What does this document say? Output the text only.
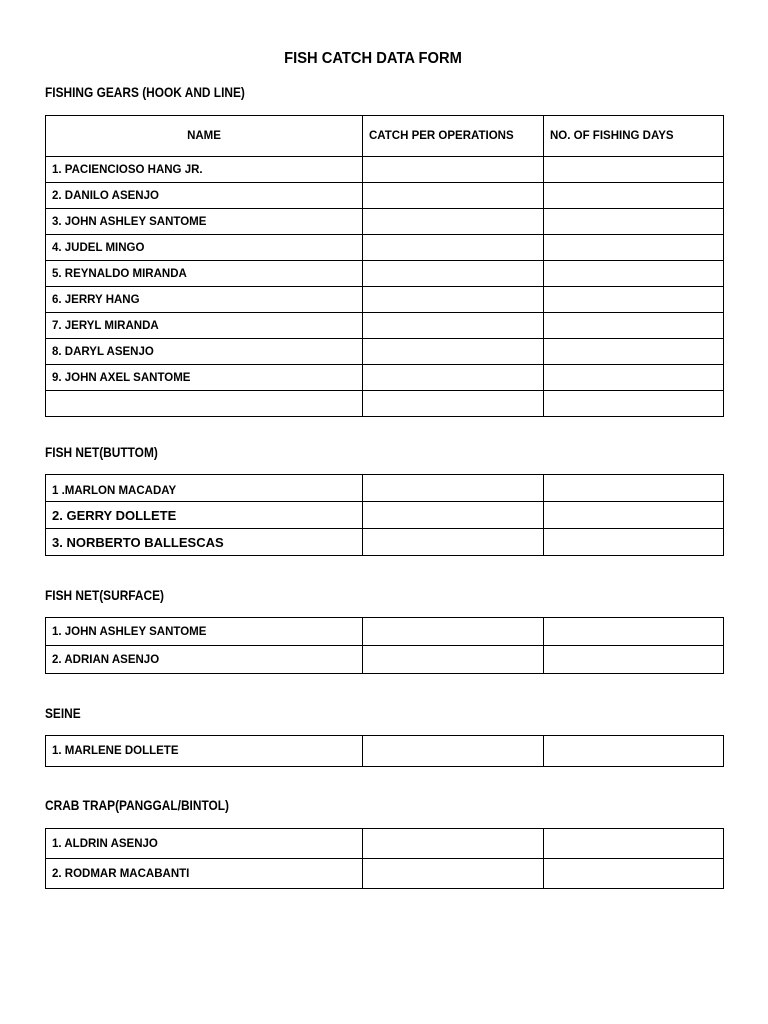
FISH CATCH DATA FORM
FISHING GEARS (HOOK AND LINE)
NAME	CATCH PER OPERATIONS	NO. OF FISHING DAYS
1. PACIENCIOSO HANG JR.		
2. DANILO ASENJO		
3. JOHN ASHLEY SANTOME		
4. JUDEL MINGO		
5. REYNALDO MIRANDA		
6. JERRY HANG		
7. JERYL MIRANDA		
8. DARYL ASENJO		
9. JOHN AXEL SANTOME		

FISH NET(BUTTOM)
1 .MARLON MACADAY		
2. GERRY DOLLETE		
3. NORBERTO BALLESCAS		
FISH NET(SURFACE)
1. JOHN ASHLEY SANTOME		
2. ADRIAN ASENJO		
SEINE
1. MARLENE DOLLETE		
CRAB TRAP(PANGGAL/BINTOL)
1. ALDRIN ASENJO		
2. RODMAR MACABANTI		
